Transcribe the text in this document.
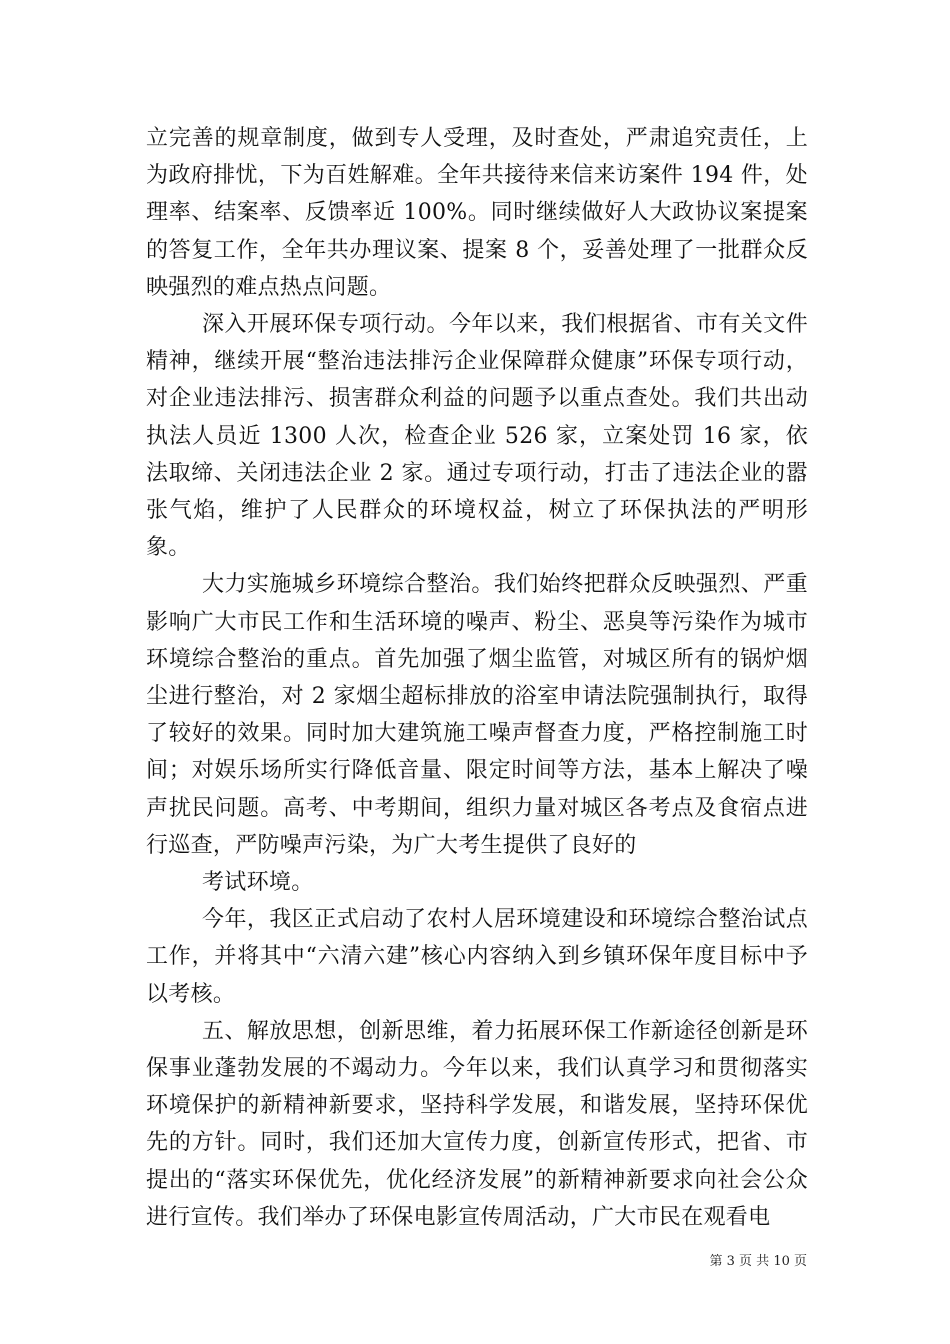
立完善的规章制度，做到专人受理，及时查处，严肃追究责任，上为政府排忧，下为百姓解难。全年共接待来信来访案件 194 件，处理率、结案率、反馈率近 100%。同时继续做好人大政协议案提案的答复工作，全年共办理议案、提案 8 个，妥善处理了一批群众反映强烈的难点热点问题。

深入开展环保专项行动。今年以来，我们根据省、市有关文件精神，继续开展“整治违法排污企业保障群众健康”环保专项行动，对企业违法排污、损害群众利益的问题予以重点查处。我们共出动执法人员近 1300 人次，检查企业 526 家，立案处罚 16 家，依法取缔、关闭违法企业 2 家。通过专项行动，打击了违法企业的嚣张气焰，维护了人民群众的环境权益，树立了环保执法的严明形象。

大力实施城乡环境综合整治。我们始终把群众反映强烈、严重影响广大市民工作和生活环境的噪声、粉尘、恶臭等污染作为城市环境综合整治的重点。首先加强了烟尘监管，对城区所有的锅炉烟尘进行整治，对 2 家烟尘超标排放的浴室申请法院强制执行，取得了较好的效果。同时加大建筑施工噪声督查力度，严格控制施工时间；对娱乐场所实行降低音量、限定时间等方法，基本上解决了噪声扰民问题。高考、中考期间，组织力量对城区各考点及食宿点进行巡查，严防噪声污染，为广大考生提供了良好的

考试环境。

今年，我区正式启动了农村人居环境建设和环境综合整治试点工作，并将其中“六清六建”核心内容纳入到乡镇环保年度目标中予以考核。

五、解放思想，创新思维，着力拓展环保工作新途径创新是环保事业蓬勃发展的不竭动力。今年以来，我们认真学习和贯彻落实环境保护的新精神新要求，坚持科学发展，和谐发展，坚持环保优先的方针。同时，我们还加大宣传力度，创新宣传形式，把省、市提出的“落实环保优先，优化经济发展”的新精神新要求向社会公众进行宣传。我们举办了环保电影宣传周活动，广大市民在观看电

第 3 页 共 10 页
